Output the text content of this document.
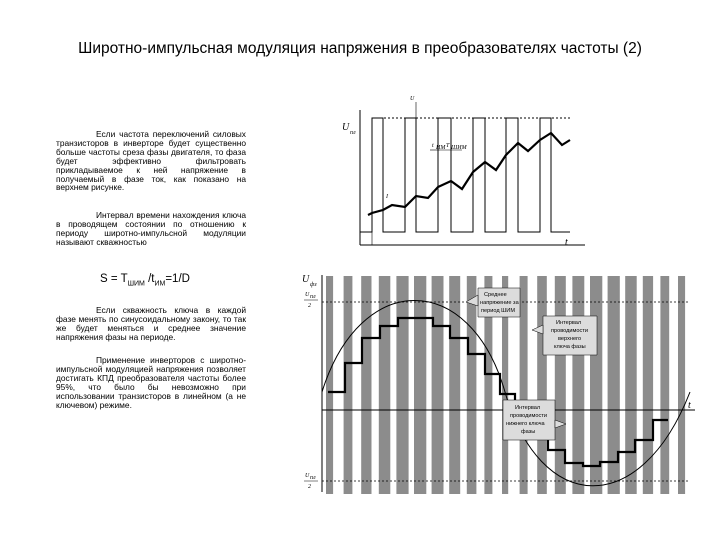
Широтно-импульсная модуляция напряжения в преобразователях частоты (2)

Если частота переключений силовых транзисторов в инверторе будет существенно больше частоты среза фазы двигателя, то фаза будет эффективно фильтровать прикладываемое к ней напряжение в получаемый в фазе ток, как показано на верхнем рисунке.

Интервал времени нахождения ключа в проводящем состоянии по отношению к периоду широтно-импульсной модуляции называют скважностью

$S = T_{ШИМ}$ $/t_{ИМ}=1/D$

Если скважность ключа в каждой фазе менять по синусоидальному закону, то так же будет меняться и среднее значение напряжения фазы на периоде.

Применение инверторов с широтно-импульсной модуляцией напряжения позволяет достигать КПД преобразователя частоты более 95%, что было бы невозможно при использовании транзисторов в линейном (а не ключевом) режиме.

U пл
t
U
I
t ИМ Т ШИМ
U фз
U пл
2
U пл
2
t
Среднее
напряжение за
период ШИМ
Интервал
проводимости
верхнего
ключа фазы
Интервал
проводимости
нижнего ключа
фазы
